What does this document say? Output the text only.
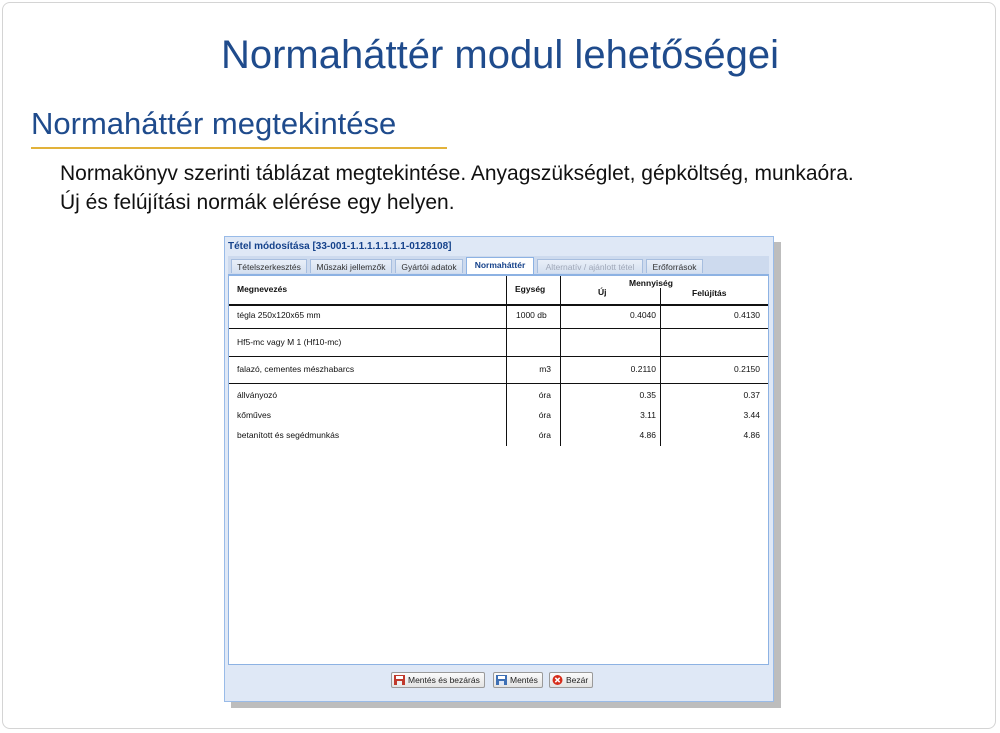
Normaháttér modul lehetőségei
Normaháttér megtekintése
Normakönyv szerinti táblázat megtekintése. Anyagszükséglet, gépköltség, munkaóra.
Új és felújítási normák elérése egy helyen.
Tétel módosítása [33-001-1.1.1.1.1.1.1-0128108]
Tételszerkesztés	Műszaki jellemzők	Gyártói adatok	Normaháttér	Alternatív / ajánlott tétel	Erőforrások
Megnevezés	Egység
Mennyiség
Új	Felújítás
tégla 250x120x65 mm	1000 db	0.4040	0.4130
Hf5-mc vagy M 1 (Hf10-mc)
falazó, cementes mészhabarcs	m3	0.2110	0.2150
állványozó	óra	0.35	0.37
kőműves	óra	3.11	3.44
betanított és segédmunkás	óra	4.86	4.86
Mentés és bezárás	Mentés	Bezár
